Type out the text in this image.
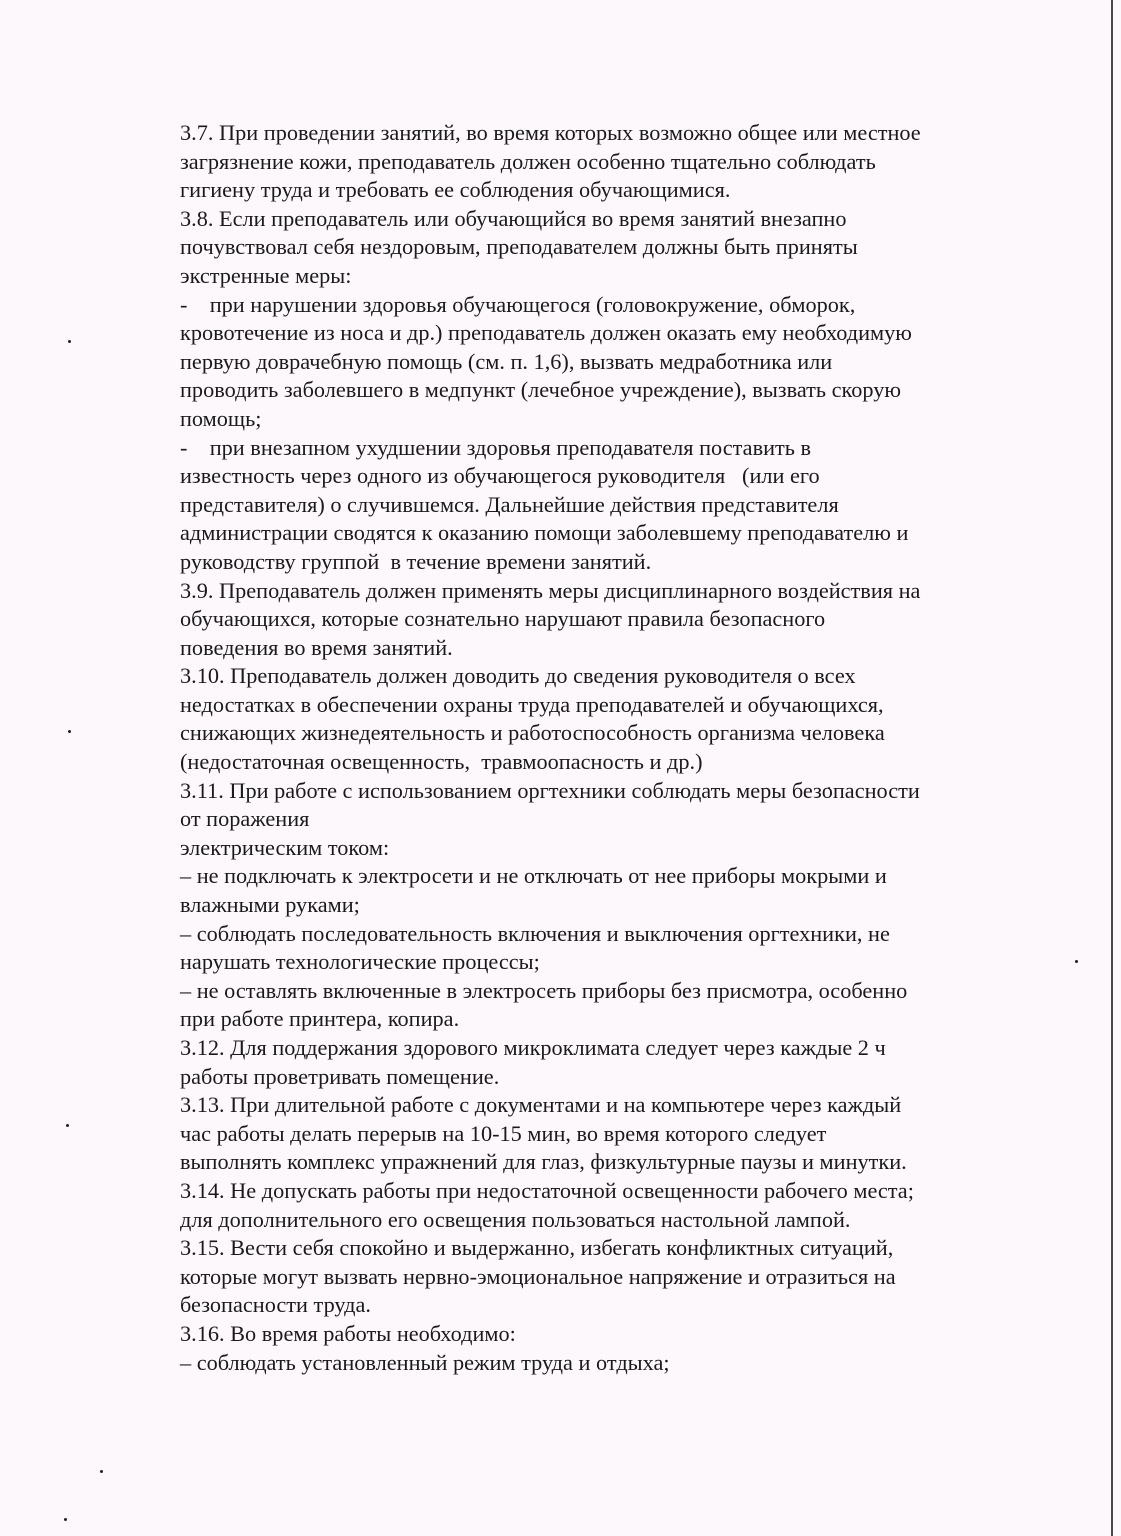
3.7. При проведении занятий, во время которых возможно общее или местное
загрязнение кожи, преподаватель должен особенно тщательно соблюдать
гигиену труда и требовать ее соблюдения обучающимися.
3.8. Если преподаватель или обучающийся во время занятий внезапно
почувствовал себя нездоровым, преподавателем должны быть приняты
экстренные меры:
-    при нарушении здоровья обучающегося (головокружение, обморок,
кровотечение из носа и др.) преподаватель должен оказать ему необходимую
первую доврачебную помощь (см. п. 1,6), вызвать медработника или
проводить заболевшего в медпункт (лечебное учреждение), вызвать скорую
помощь;
-    при внезапном ухудшении здоровья преподавателя поставить в
известность через одного из обучающегося руководителя   (или его
представителя) о случившемся. Дальнейшие действия представителя
администрации сводятся к оказанию помощи заболевшему преподавателю и
руководству группой  в течение времени занятий.
3.9. Преподаватель должен применять меры дисциплинарного воздействия на
обучающихся, которые сознательно нарушают правила безопасного
поведения во время занятий.
3.10. Преподаватель должен доводить до сведения руководителя о всех
недостатках в обеспечении охраны труда преподавателей и обучающихся,
снижающих жизнедеятельность и работоспособность организма человека
(недостаточная освещенность,  травмоопасность и др.)
3.11. При работе с использованием оргтехники соблюдать меры безопасности
от поражения
электрическим током:
– не подключать к электросети и не отключать от нее приборы мокрыми и
влажными руками;
– соблюдать последовательность включения и выключения оргтехники, не
нарушать технологические процессы;
– не оставлять включенные в электросеть приборы без присмотра, особенно
при работе принтера, копира.
3.12. Для поддержания здорового микроклимата следует через каждые 2 ч
работы проветривать помещение.
3.13. При длительной работе с документами и на компьютере через каждый
час работы делать перерыв на 10-15 мин, во время которого следует
выполнять комплекс упражнений для глаз, физкультурные паузы и минутки.
3.14. Не допускать работы при недостаточной освещенности рабочего места;
для дополнительного его освещения пользоваться настольной лампой.
3.15. Вести себя спокойно и выдержанно, избегать конфликтных ситуаций,
которые могут вызвать нервно-эмоциональное напряжение и отразиться на
безопасности труда.
3.16. Во время работы необходимо:
– соблюдать установленный режим труда и отдыха;
